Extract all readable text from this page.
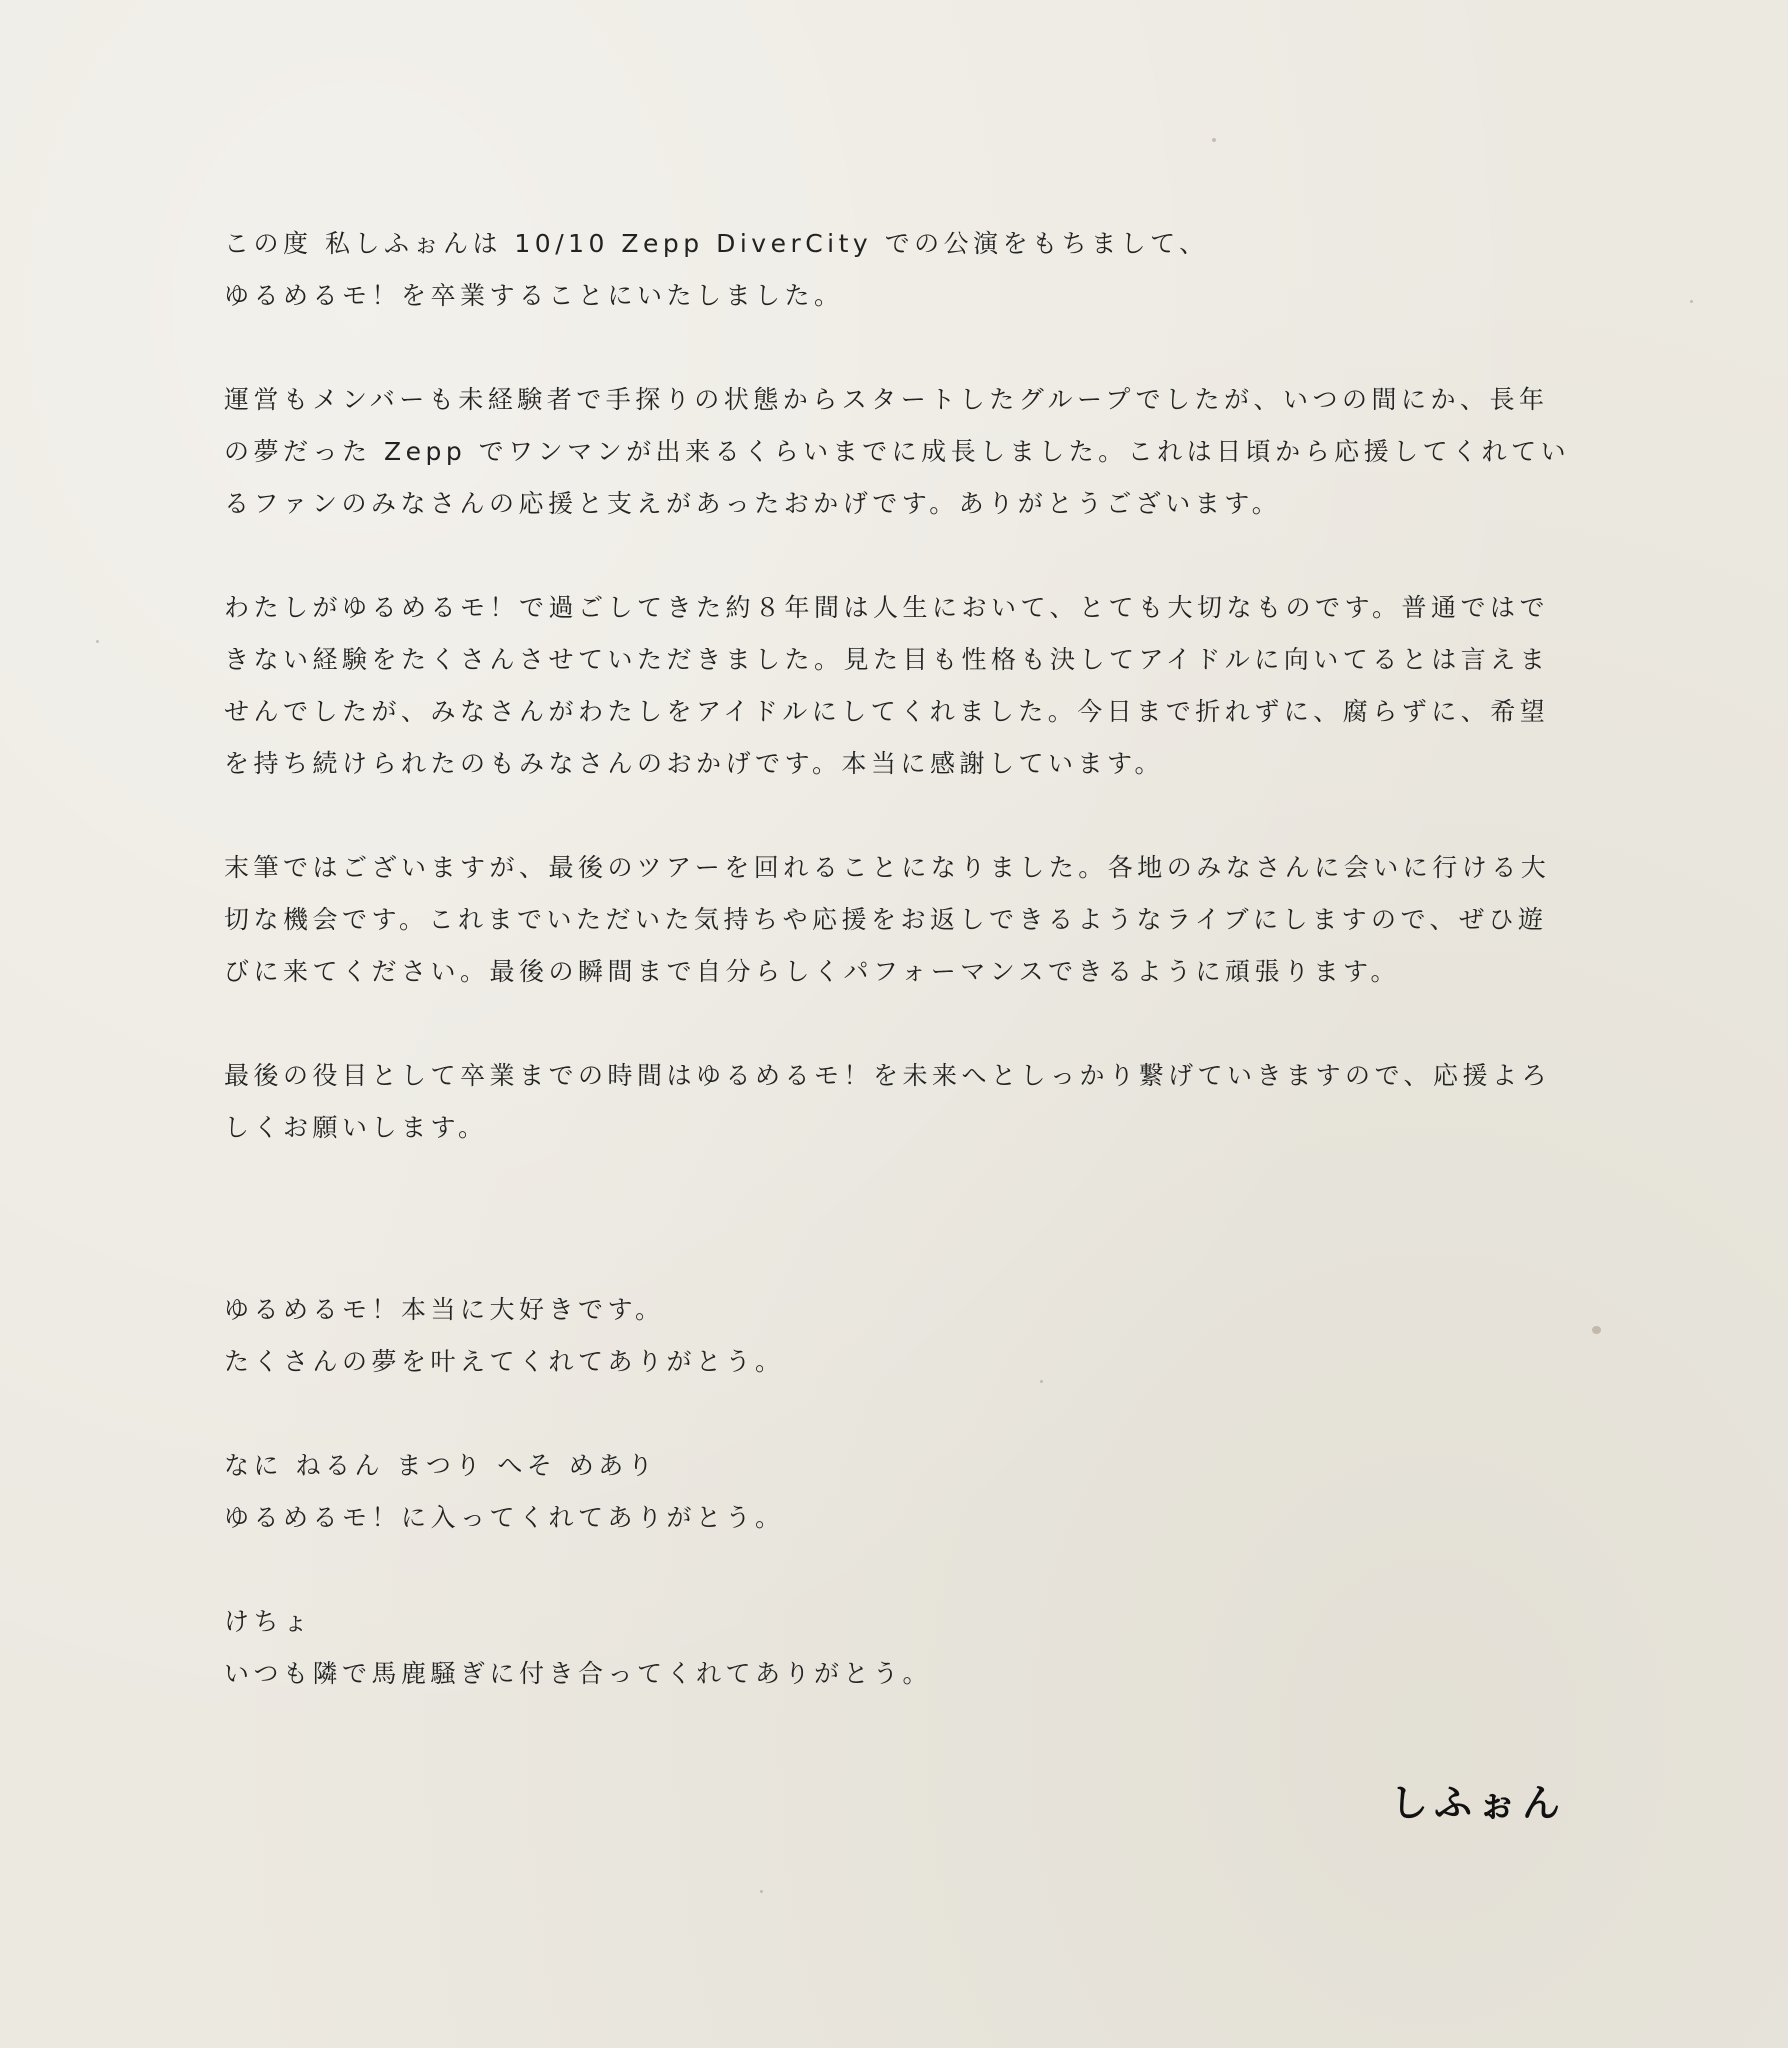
この度 私しふぉんは 10/10 Zepp DiverCity での公演をもちまして、
ゆるめるモ！を卒業することにいたしました。
運営もメンバーも未経験者で手探りの状態からスタートしたグループでしたが、いつの間にか、長年
の夢だった Zepp でワンマンが出来るくらいまでに成長しました。これは日頃から応援してくれてい
るファンのみなさんの応援と支えがあったおかげです。ありがとうございます。
わたしがゆるめるモ！で過ごしてきた約８年間は人生において、とても大切なものです。普通ではで
きない経験をたくさんさせていただきました。見た目も性格も決してアイドルに向いてるとは言えま
せんでしたが、みなさんがわたしをアイドルにしてくれました。今日まで折れずに、腐らずに、希望
を持ち続けられたのもみなさんのおかげです。本当に感謝しています。
末筆ではございますが、最後のツアーを回れることになりました。各地のみなさんに会いに行ける大
切な機会です。これまでいただいた気持ちや応援をお返しできるようなライブにしますので、ぜひ遊
びに来てください。最後の瞬間まで自分らしくパフォーマンスできるように頑張ります。
最後の役目として卒業までの時間はゆるめるモ！を未来へとしっかり繋げていきますので、応援よろ
しくお願いします。
ゆるめるモ！本当に大好きです。
たくさんの夢を叶えてくれてありがとう。
なに ねるん まつり へそ めあり
ゆるめるモ！に入ってくれてありがとう。
けちょ
いつも隣で馬鹿騒ぎに付き合ってくれてありがとう。
しふぉん
